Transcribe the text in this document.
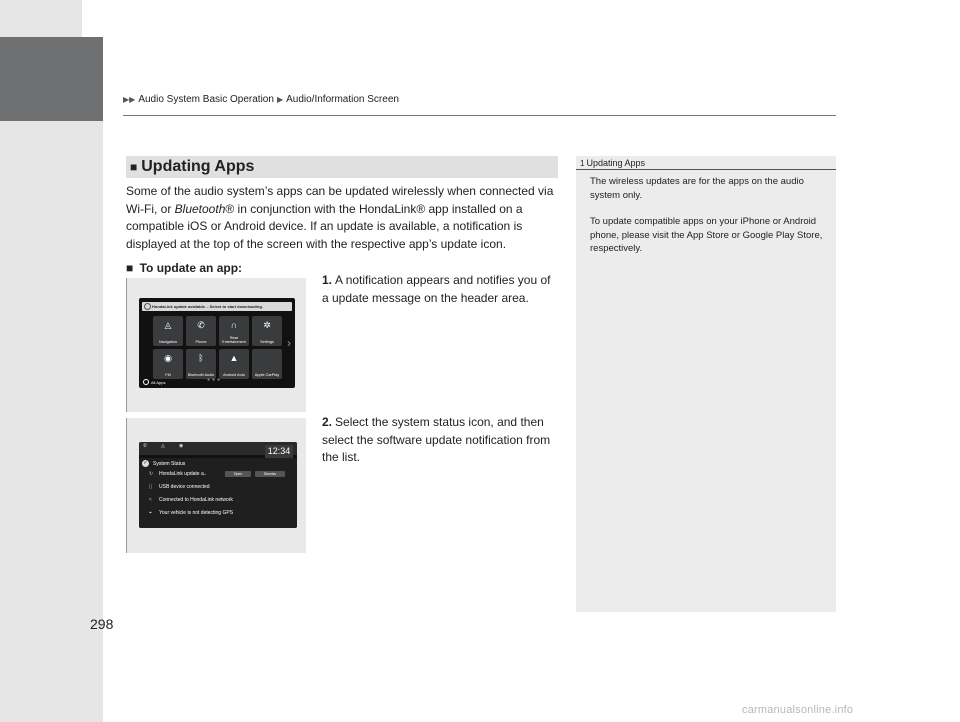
▶▶ Audio System Basic Operation ▶ Audio/Information Screen
■ Updating Apps
Some of the audio system’s apps can be updated wirelessly when connected via Wi-Fi, or Bluetooth® in conjunction with the HondaLink® app installed on a compatible iOS or Android device. If an update is available, a notification is displayed at the top of the screen with the respective app’s update icon.
■ To update an app:
1. A notification appears and notifies you of a update message on the header area.
HondaLink update available. - Select to start downloading.
◬
Navigation
✆
Phone
∩
Rear Entertainment
✲
Settings
◉
FM
ᛒ
Bluetooth Audio
▲
Android Auto	Apple CarPlay
›
All Apps	●●●
2. Select the system status icon, and then select the software update notification from the list.
✆	◬	◉	12:34
✓ System Status
↻ HondaLink update a..	Open	Dismiss
▯ USB device connected
≈ Connected to HondaLink network
⌖ Your vehicle is not detecting GPS
1 Updating Apps

The wireless updates are for the apps on the audio system only.

To update compatible apps on your iPhone or Android phone, please visit the App Store or Google Play Store, respectively.

298
carmanualsonline.info
